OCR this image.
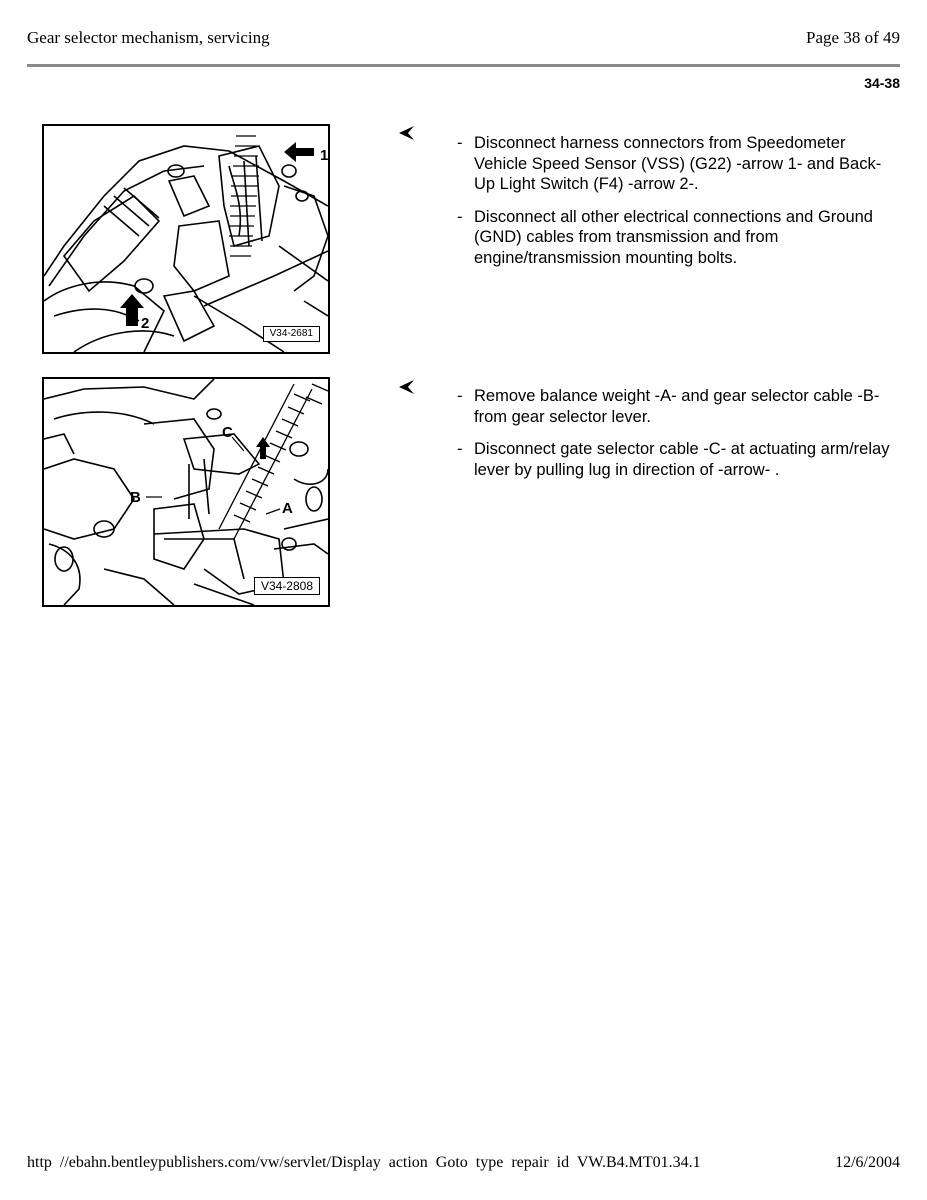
Gear selector mechanism, servicing	Page 38 of 49
34-38
1
2
V34-2681
C
B
A
V34-2808
- Disconnect harness connectors from Speedometer Vehicle Speed Sensor (VSS) (G22) -arrow 1- and Back-Up Light Switch (F4) -arrow 2-.
- Disconnect all other electrical connections and Ground (GND) cables from transmission and from engine/transmission mounting bolts.
- Remove balance weight -A- and gear selector cable -B- from gear selector lever.
- Disconnect gate selector cable -C- at actuating arm/relay lever by pulling lug in direction of -arrow- .
http //ebahn.bentleypublishers.com/vw/servlet/Display action Goto type repair id VW.B4.MT01.34.1	12/6/2004
